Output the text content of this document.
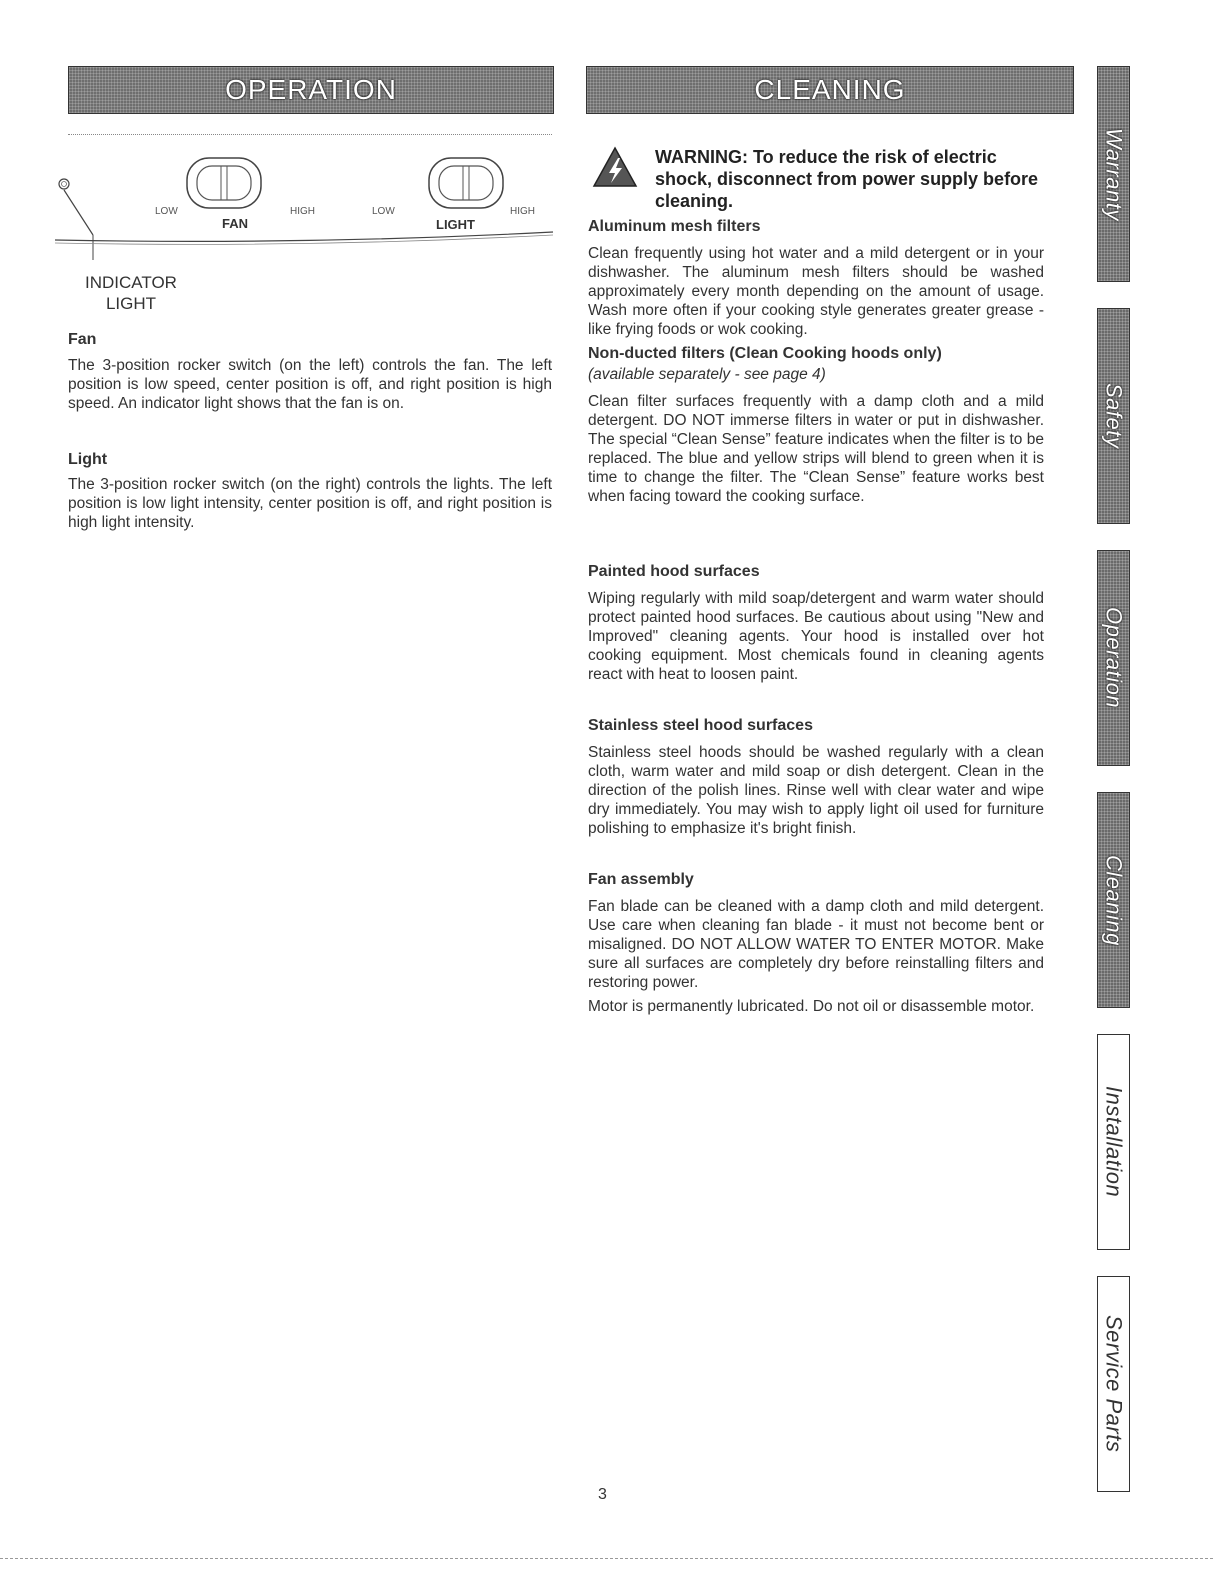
OPERATION	CLEANING
LOW
FAN
HIGH	LOW
LIGHT
HIGH
INDICATOR
LIGHT
Fan
The 3-position rocker switch (on the left) controls the fan. The left position is low speed, center position is off, and right position is high speed. An indicator light shows that the fan is on.
Light
The 3-position rocker switch (on the right) controls the lights. The left position is low light intensity, center position is off, and right position is high light intensity.
WARNING: To reduce the risk of electric shock, disconnect from power supply before cleaning.
Aluminum mesh filters
Clean frequently using hot water and a mild detergent or in your dishwasher. The aluminum mesh filters should be washed approximately every month depending on the amount of usage. Wash more often if your cooking style generates greater grease - like frying foods or wok cooking.
Non-ducted filters (Clean Cooking hoods only)
(available separately - see page 4)
Clean filter surfaces frequently with a damp cloth and a mild detergent. DO NOT immerse filters in water or put in dishwasher. The special “Clean Sense” feature indicates when the filter is to be replaced. The blue and yellow strips will blend to green when it is time to change the filter. The “Clean Sense” feature works best when facing toward the cooking surface.
Painted hood surfaces
Wiping regularly with mild soap/detergent and warm water should protect painted hood surfaces. Be cautious about using "New and Improved" cleaning agents. Your hood is installed over hot cooking equipment. Most chemicals found in cleaning agents react with heat to loosen paint.
Stainless steel hood surfaces
Stainless steel hoods should be washed regularly with a clean cloth, warm water and mild soap or dish detergent. Clean in the direction of the polish lines. Rinse well with clear water and wipe dry immediately. You may wish to apply light oil used for furniture polishing to emphasize it's bright finish.
Fan assembly
Fan blade can be cleaned with a damp cloth and mild detergent. Use care when cleaning fan blade - it must not become bent or misaligned. DO NOT ALLOW WATER TO ENTER MOTOR. Make sure all surfaces are completely dry before reinstalling filters and restoring power.
Motor is permanently lubricated. Do not oil or disassemble motor.
Warranty
Safety
Operation
Cleaning
Installation
Service Parts
3
